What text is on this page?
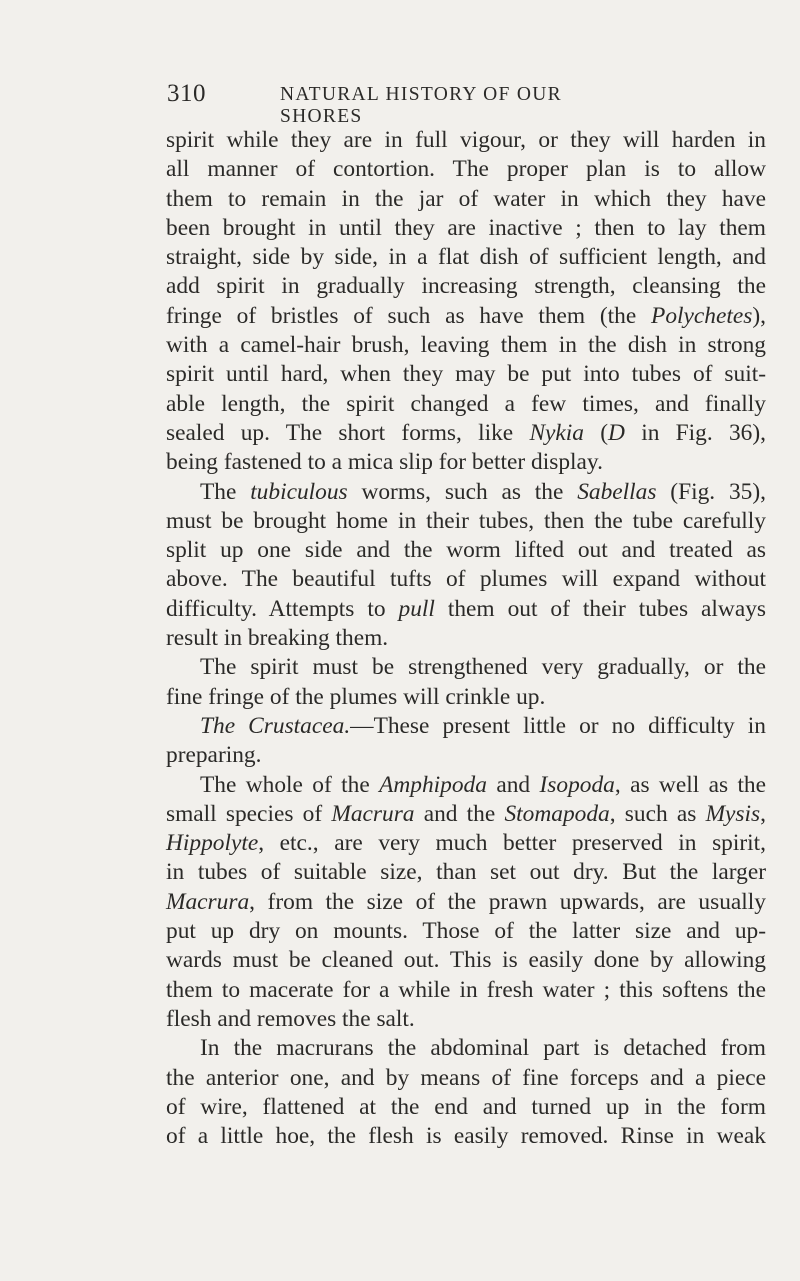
310	NATURAL HISTORY OF OUR SHORES
spirit while they are in full vigour, or they will harden in
all manner of contortion. The proper plan is to allow
them to remain in the jar of water in which they have
been brought in until they are inactive ; then to lay them
straight, side by side, in a flat dish of sufficient length, and
add spirit in gradually increasing strength, cleansing the
fringe of bristles of such as have them (the Polychetes),
with a camel-hair brush, leaving them in the dish in strong
spirit until hard, when they may be put into tubes of suit-
able length, the spirit changed a few times, and finally
sealed up. The short forms, like Nykia (D in Fig. 36),
being fastened to a mica slip for better display.
The tubiculous worms, such as the Sabellas (Fig. 35),
must be brought home in their tubes, then the tube carefully
split up one side and the worm lifted out and treated as
above. The beautiful tufts of plumes will expand without
difficulty. Attempts to pull them out of their tubes always
result in breaking them.
The spirit must be strengthened very gradually, or the
fine fringe of the plumes will crinkle up.
The Crustacea.—These present little or no difficulty in
preparing.
The whole of the Amphipoda and Isopoda, as well as the
small species of Macrura and the Stomapoda, such as Mysis,
Hippolyte, etc., are very much better preserved in spirit,
in tubes of suitable size, than set out dry. But the larger
Macrura, from the size of the prawn upwards, are usually
put up dry on mounts. Those of the latter size and up-
wards must be cleaned out. This is easily done by allowing
them to macerate for a while in fresh water ; this softens the
flesh and removes the salt.
In the macrurans the abdominal part is detached from
the anterior one, and by means of fine forceps and a piece
of wire, flattened at the end and turned up in the form
of a little hoe, the flesh is easily removed. Rinse in weak
